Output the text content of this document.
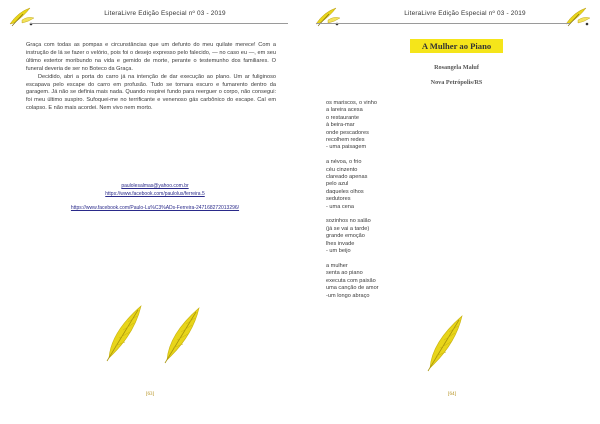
LiteraLivre Edição Especial nº 03 - 2019

Graça com todas as pompas e circunstâncias que um defunto do meu quilate merece! Com a instrução de lá se fazer o velório, pois foi o desejo expresso pelo falecido, — no caso eu —, em seu último estertor moribundo na vida e gemido de morte, perante o testemunho dos familiares. O funeral deveria de ser no Boteco da Graça.

Decidido, abri a porta do carro já na intenção de dar execução ao plano. Um ar fuliginoso escapava pelo escape do carro em profusão. Tudo se tornara escuro e fumarento dentro da garagem. Já não se definia mais nada. Quando respirei fundo para reerguer o corpo, não consegui: foi meu último suspiro. Sufoquei-me no terrificante e venenoso gás carbônico do escape. Caí em colapso. E não mais acordei. Nem vivo nem morto.

paulolesalmas@yahoo.com.br
https://www.facebook.com/paulolus/ferreira.5
https://www.facebook.com/Paulo-Lu%C3%ADs-Ferreira-247168272013296/
[63]
LiteraLivre Edição Especial nº 03 - 2019
A Mulher ao Piano
Rosangela Maluf
Nova Petrópolis/RS
os mariscos, o vinho
a lareira acesa
o restaurante
à beira-mar
onde pescadores
recolhem redes
- uma paisagem
a névoa, o frio
céu cinzento
clareado apenas
pelo azul
daqueles olhos
sedutores
- uma cena
sozinhos no salão
(já se vai a tarde)
grande emoção
lhes invade
- um beijo
a mulher
senta ao piano
executa com paixão
uma canção de amor
-um longo abraço
[64]
